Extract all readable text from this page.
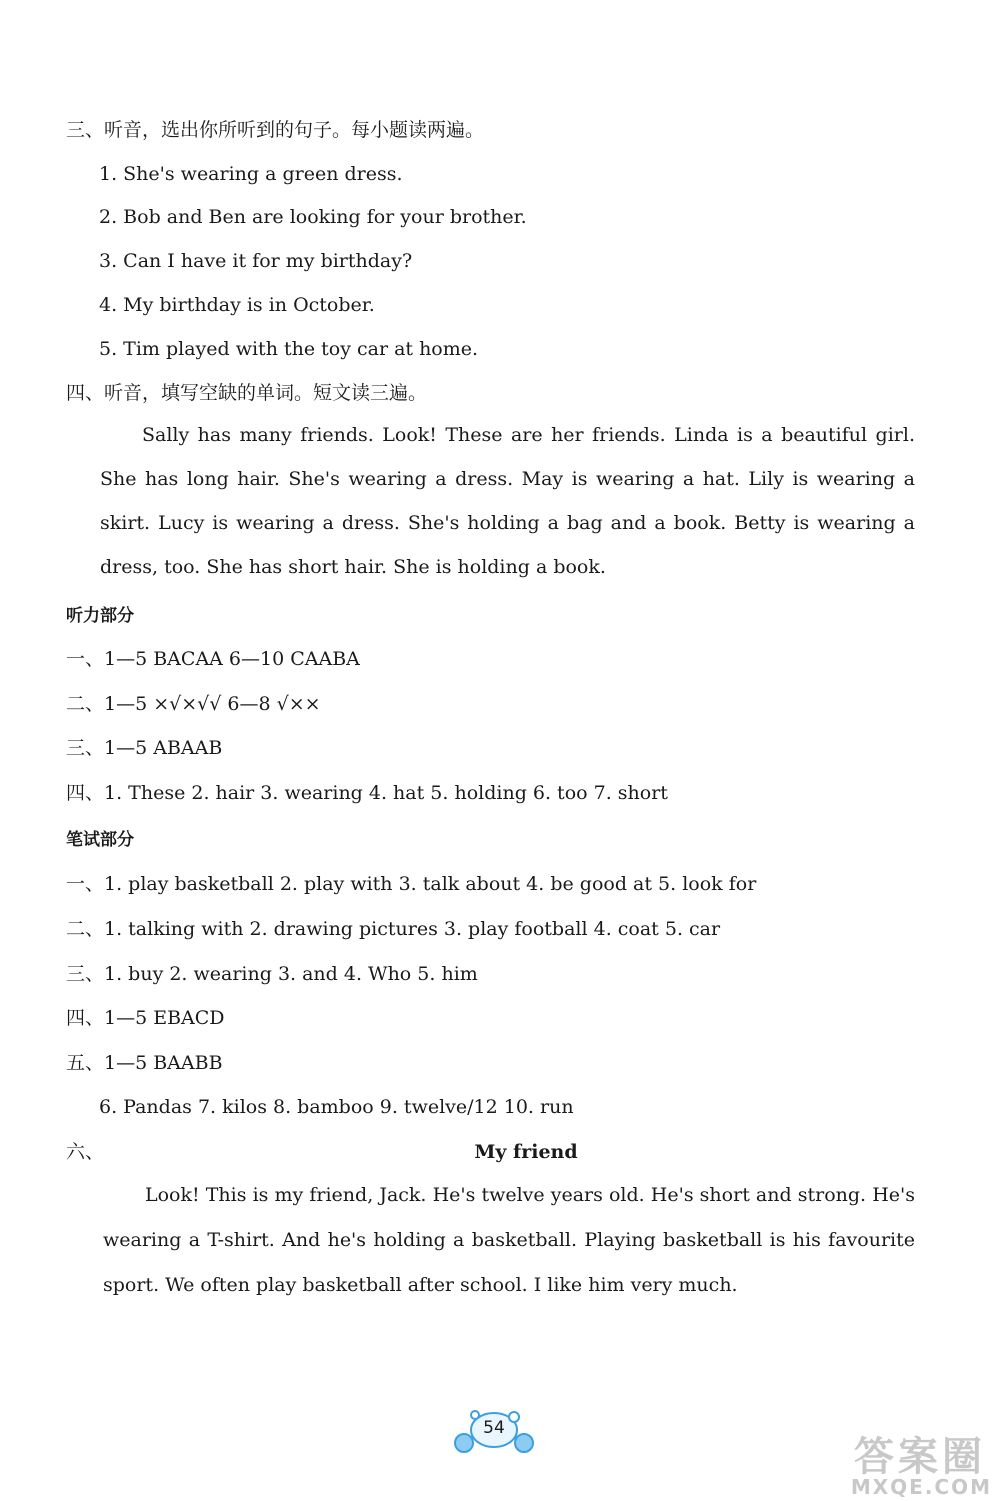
三、听音，选出你所听到的句子。每小题读两遍。
1. She's wearing a green dress.
2. Bob and Ben are looking for your brother.
3. Can I have it for my birthday?
4. My birthday is in October.
5. Tim played with the toy car at home.
四、听音，填写空缺的单词。短文读三遍。
Sally has many friends. Look! These are her friends. Linda is a beautiful girl. She has long hair. She's wearing a dress. May is wearing a hat. Lily is wearing a skirt. Lucy is wearing a dress. She's holding a bag and a book. Betty is wearing a dress, too. She has short hair. She is holding a book.
听力部分
一、1—5 BACAA 6—10 CAABA
二、1—5 ×√×√√ 6—8 √××
三、1—5 ABAAB
四、1. These 2. hair 3. wearing 4. hat 5. holding 6. too 7. short
笔试部分
一、1. play basketball 2. play with 3. talk about 4. be good at 5. look for
二、1. talking with 2. drawing pictures 3. play football 4. coat 5. car
三、1. buy 2. wearing 3. and 4. Who 5. him
四、1—5 EBACD
五、1—5 BAABB
6. Pandas 7. kilos 8. bamboo 9. twelve/12 10. run
六、	My friend
Look! This is my friend, Jack. He's twelve years old. He's short and strong. He's wearing a T-shirt. And he's holding a basketball. Playing basketball is his favourite sport. We often play basketball after school. I like him very much.
54
答案圈
MXQE.COM
